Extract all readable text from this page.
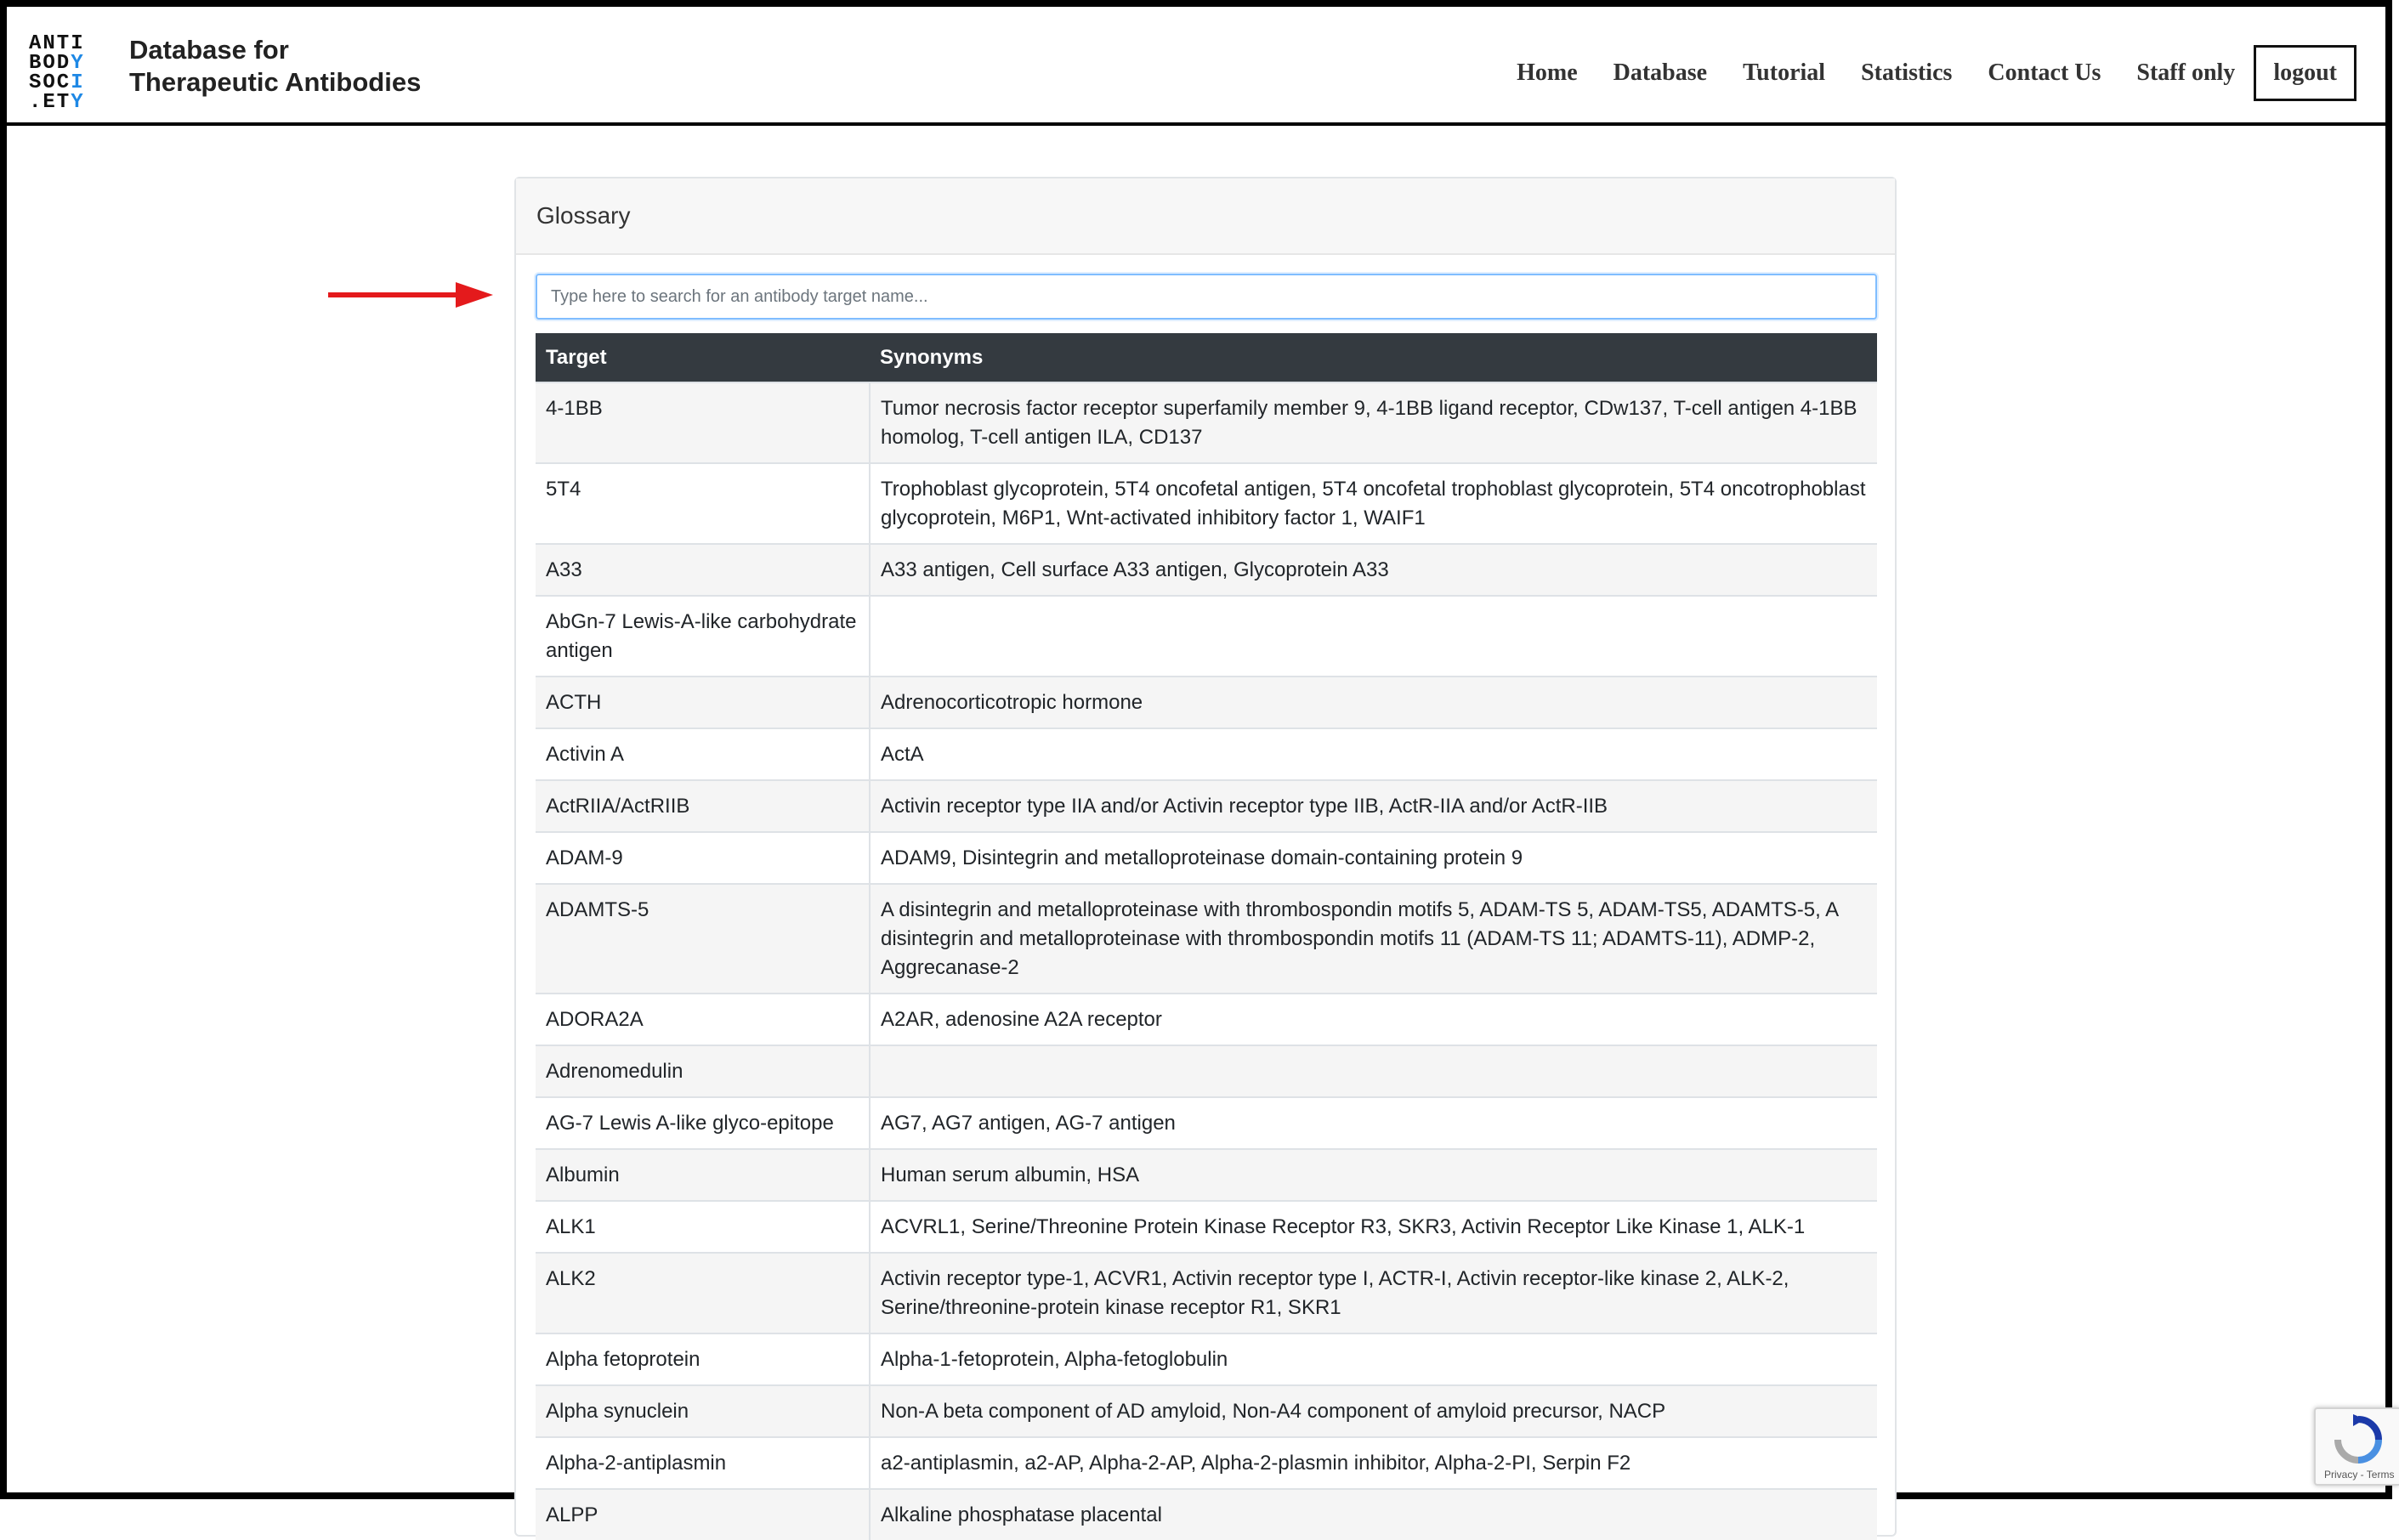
ANTI
BODY
SOCI
.ETY
Database for
Therapeutic Antibodies	Home Database Tutorial Statistics Contact Us Staff only	logout
Glossary
Type here to search for an antibody target name...
Target	Synonyms
4-1BB	Tumor necrosis factor receptor superfamily member 9, 4-1BB ligand receptor, CDw137, T-cell antigen 4-1BB homolog, T-cell antigen ILA, CD137
5T4	Trophoblast glycoprotein, 5T4 oncofetal antigen, 5T4 oncofetal trophoblast glycoprotein, 5T4 oncotrophoblast glycoprotein, M6P1, Wnt-activated inhibitory factor 1, WAIF1
A33	A33 antigen, Cell surface A33 antigen, Glycoprotein A33
AbGn-7 Lewis-A-like carbohydrate antigen	
ACTH	Adrenocorticotropic hormone
Activin A	ActA
ActRIIA/ActRIIB	Activin receptor type IIA and/or Activin receptor type IIB, ActR-IIA and/or ActR-IIB
ADAM-9	ADAM9, Disintegrin and metalloproteinase domain-containing protein 9
ADAMTS-5	A disintegrin and metalloproteinase with thrombospondin motifs 5, ADAM-TS 5, ADAM-TS5, ADAMTS-5, A disintegrin and metalloproteinase with thrombospondin motifs 11 (ADAM-TS 11; ADAMTS-11), ADMP-2, Aggrecanase-2
ADORA2A	A2AR, adenosine A2A receptor
Adrenomedulin	
AG-7 Lewis A-like glyco-epitope	AG7, AG7 antigen, AG-7 antigen
Albumin	Human serum albumin, HSA
ALK1	ACVRL1, Serine/Threonine Protein Kinase Receptor R3, SKR3, Activin Receptor Like Kinase 1, ALK-1
ALK2	Activin receptor type-1, ACVR1, Activin receptor type I, ACTR-I, Activin receptor-like kinase 2, ALK-2, Serine/threonine-protein kinase receptor R1, SKR1
Alpha fetoprotein	Alpha-1-fetoprotein, Alpha-fetoglobulin
Alpha synuclein	Non-A beta component of AD amyloid, Non-A4 component of amyloid precursor, NACP
Alpha-2-antiplasmin	a2-antiplasmin, a2-AP, Alpha-2-AP, Alpha-2-plasmin inhibitor, Alpha-2-PI, Serpin F2
ALPP	Alkaline phosphatase placental
Privacy - Terms
